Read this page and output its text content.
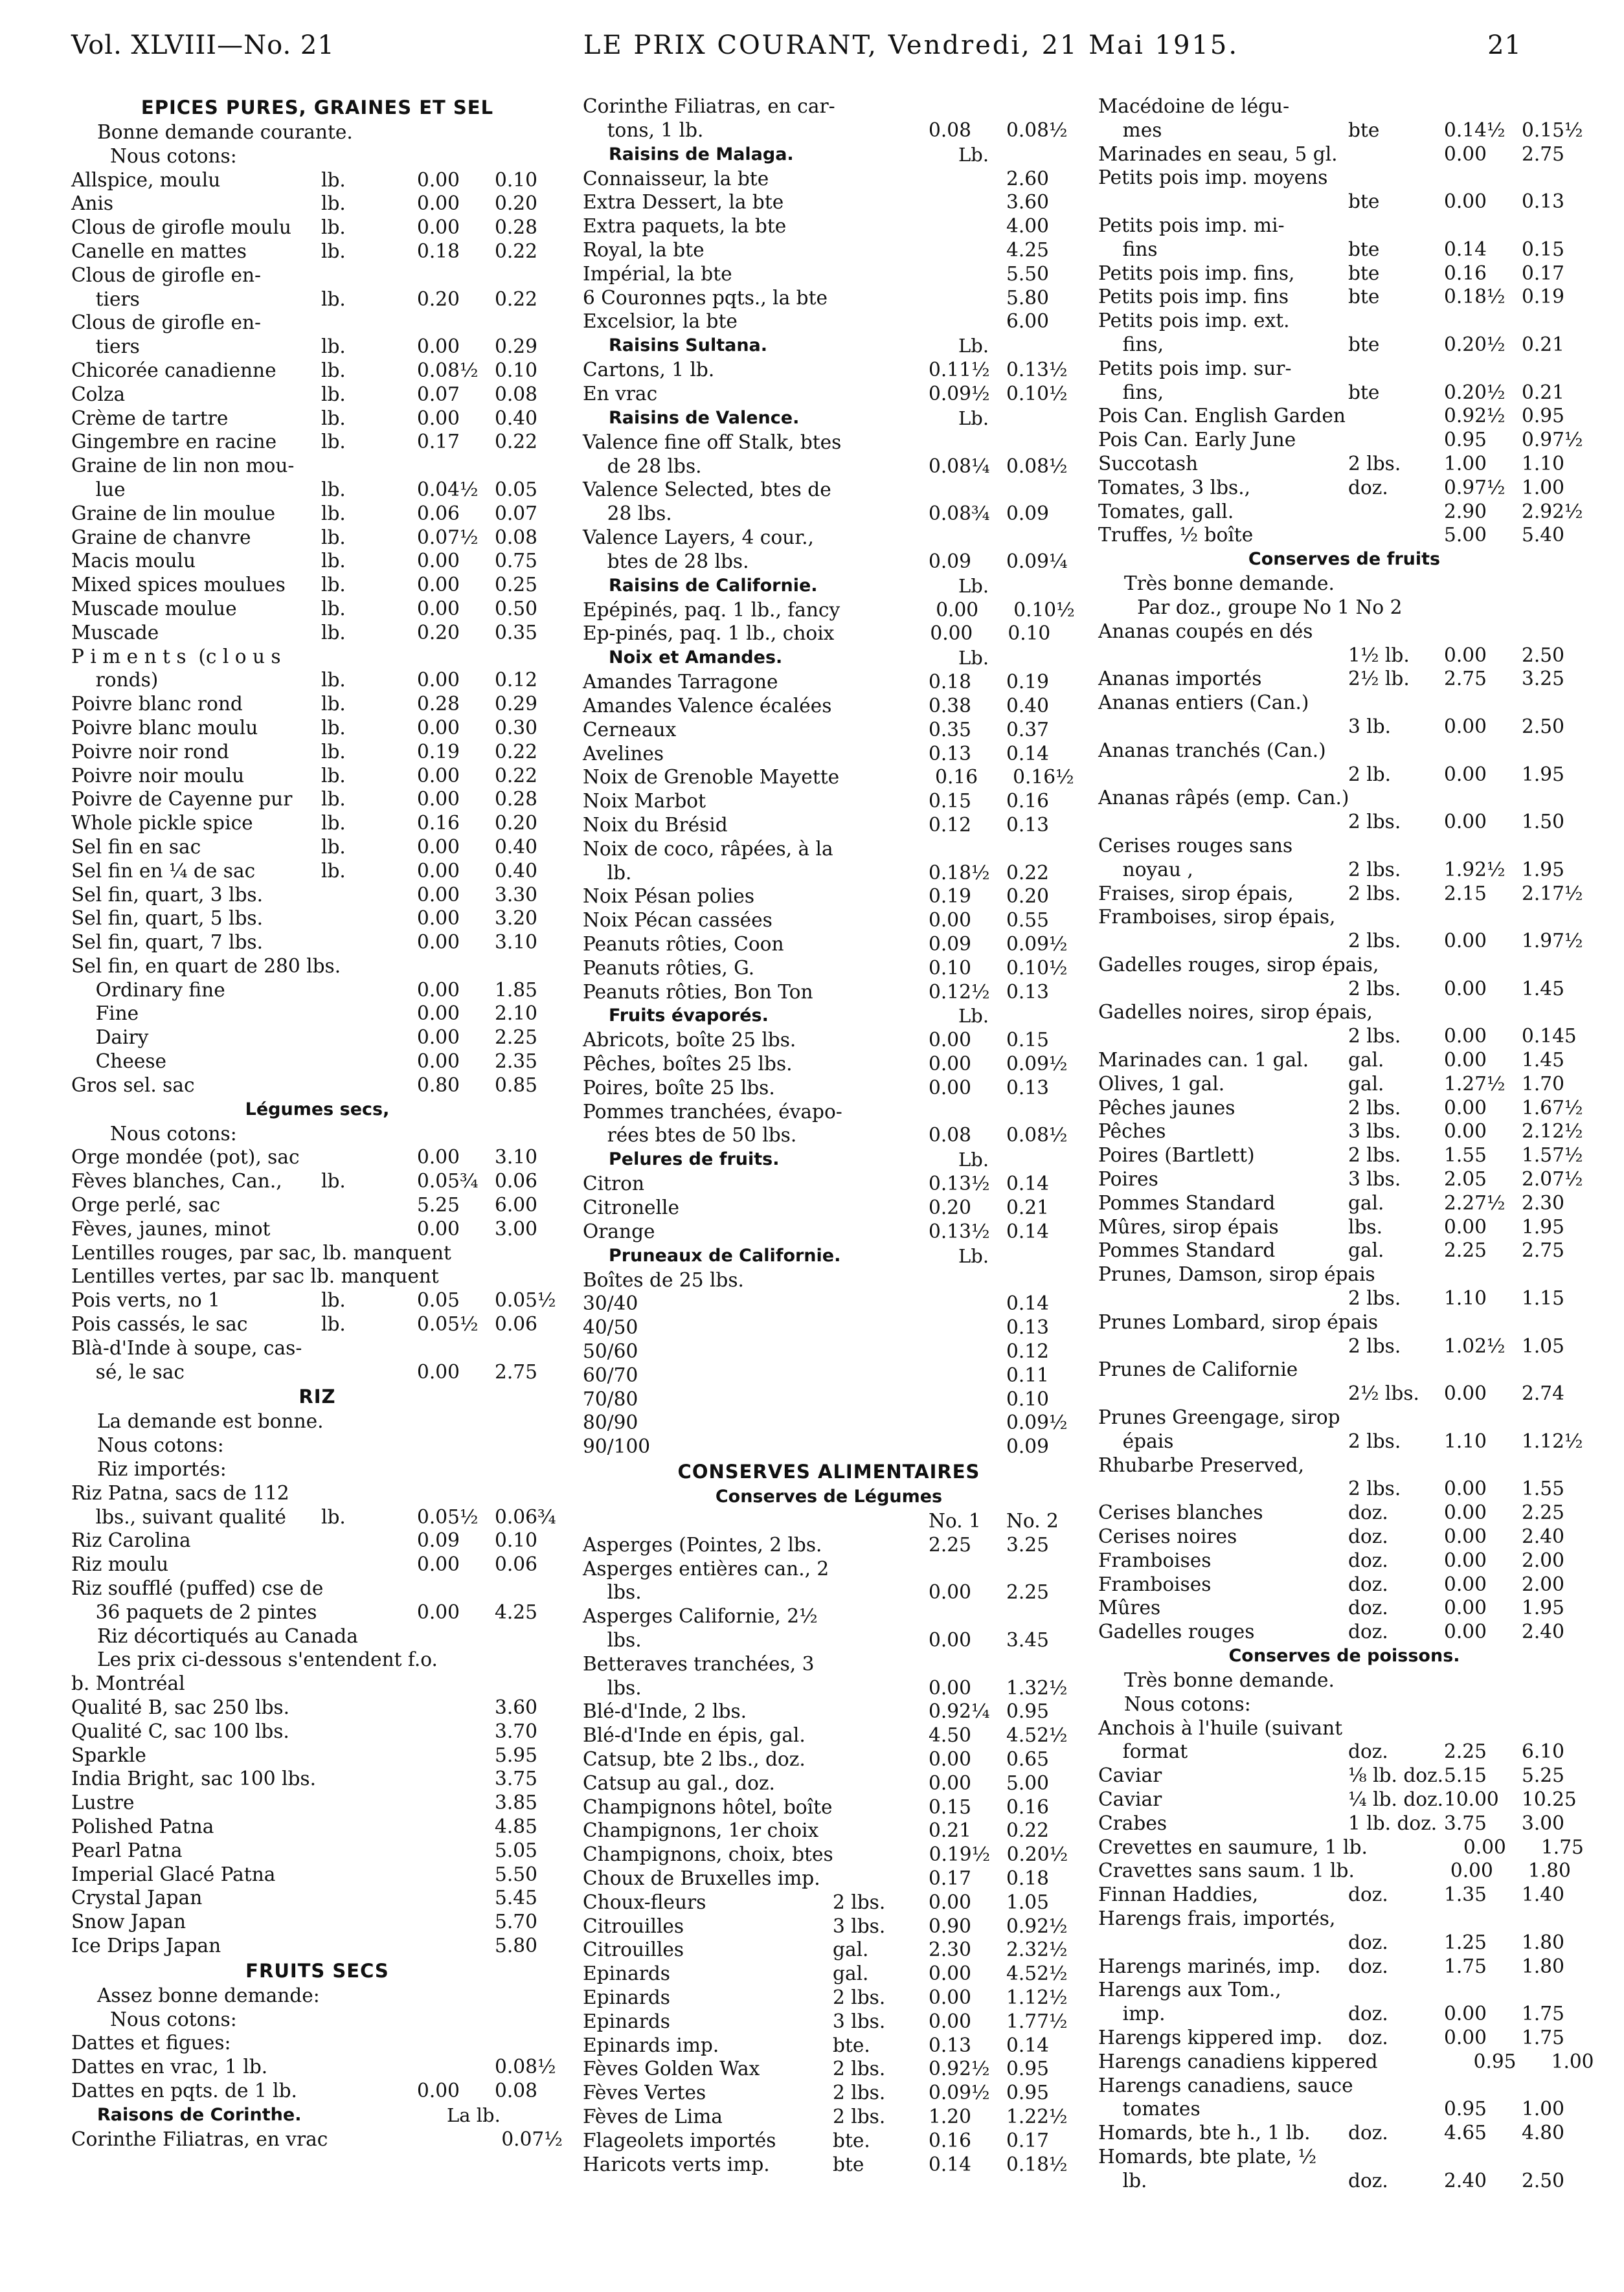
Vol. XLVIII—No. 21	LE PRIX COURANT, Vendredi, 21 Mai 1915.	21
EPICES PURES, GRAINES ET SEL
Bonne demande courante.
Nous cotons:
Allspice, moulu	lb.	0.00	0.10
Anis	lb.	0.00	0.20
Clous de girofle moulu	lb.	0.00	0.28
Canelle en mattes	lb.	0.18	0.22
Clous de girofle en-
tiers	lb.	0.20	0.22
Clous de girofle en-
tiers	lb.	0.00	0.29
Chicorée canadienne	lb.	0.08½ 0.10
Colza	lb.	0.07	0.08
Crème de tartre	lb.	0.00	0.40
Gingembre en racine	lb.	0.17	0.22
Graine de lin non mou-
lue	lb.	0.04½ 0.05
Graine de lin moulue	lb.	0.06	0.07
Graine de chanvre	lb.	0.07½ 0.08
Macis moulu	lb.	0.00	0.75
Mixed spices moulues	lb.	0.00	0.25
Muscade moulue	lb.	0.00	0.50
Muscade	lb.	0.20	0.35
P i m e n t s  (c l o u s
ronds)	lb.	0.00	0.12
Poivre blanc rond	lb.	0.28	0.29
Poivre blanc moulu	lb.	0.00	0.30
Poivre noir rond	lb.	0.19	0.22
Poivre noir moulu	lb.	0.00	0.22
Poivre de Cayenne pur	lb.	0.00	0.28
Whole pickle spice	lb.	0.16	0.20
Sel fin en sac	lb.	0.00	0.40
Sel fin en ¼ de sac	lb.	0.00	0.40
Sel fin, quart, 3 lbs.	0.00	3.30
Sel fin, quart, 5 lbs.	0.00	3.20
Sel fin, quart, 7 lbs.	0.00	3.10
Sel fin, en quart de 280 lbs.
Ordinary fine	0.00	1.85
Fine	0.00	2.10
Dairy	0.00	2.25
Cheese	0.00	2.35
Gros sel. sac	0.80	0.85
Légumes secs,
Nous cotons:
Orge mondée (pot), sac	0.00	3.10
Fèves blanches, Can.,	lb.	0.05¾ 0.06
Orge perlé, sac	5.25	6.00
Fèves, jaunes, minot	0.00	3.00
Lentilles rouges, par sac, lb. manquent
Lentilles vertes, par sac lb. manquent
Pois verts, no 1	lb.	0.05	0.05½
Pois cassés, le sac	lb.	0.05½ 0.06
Blà-d'Inde à soupe, cas-
sé, le sac	0.00	2.75
RIZ
La demande est bonne.
Nous cotons:
Riz importés:
Riz Patna, sacs de 112
lbs., suivant qualité	lb.	0.05½ 0.06¾
Riz Carolina	0.09	0.10
Riz moulu	0.00	0.06
Riz soufflé (puffed) cse de
36 paquets de 2 pintes	0.00	4.25
Riz décortiqués au Canada
Les prix ci-dessous s'entendent f.o.
b. Montréal
Qualité B, sac 250 lbs.	3.60
Qualité C, sac 100 lbs.	3.70
Sparkle	5.95
India Bright, sac 100 lbs.	3.75
Lustre	3.85
Polished Patna	4.85
Pearl Patna	5.05
Imperial Glacé Patna	5.50
Crystal Japan	5.45
Snow Japan	5.70
Ice Drips Japan	5.80
FRUITS SECS
Assez bonne demande:
Nous cotons:
Dattes et figues:
Dattes en vrac, 1 lb.	0.08½
Dattes en pqts. de 1 lb.	0.00	0.08
Raisons de Corinthe.	La lb.
Corinthe Filiatras, en vrac	0.07½
Corinthe Filiatras, en car-
tons, 1 lb.	0.08	0.08½
Raisins de Malaga.	Lb.
Connaisseur, la bte	2.60
Extra Dessert, la bte	3.60
Extra paquets, la bte	4.00
Royal, la bte	4.25
Impérial, la bte	5.50
6 Couronnes pqts., la bte	5.80
Excelsior, la bte	6.00
Raisins Sultana.	Lb.
Cartons, 1 lb.	0.11½ 0.13½
En vrac	0.09½ 0.10½
Raisins de Valence.	Lb.
Valence fine off Stalk, btes
de 28 lbs.	0.08¼ 0.08½
Valence Selected, btes de
28 lbs.	0.08¾ 0.09
Valence Layers, 4 cour.,
btes de 28 lbs.	0.09	0.09¼
Raisins de Californie.	Lb.
Epépinés, paq. 1 lb., fancy	0.00	0.10½
Ep-pinés, paq. 1 lb., choix	0.00	0.10
Noix et Amandes.	Lb.
Amandes Tarragone	0.18	0.19
Amandes Valence écalées	0.38	0.40
Cerneaux	0.35	0.37
Avelines	0.13	0.14
Noix de Grenoble Mayette	0.16	0.16½
Noix Marbot	0.15	0.16
Noix du Brésid	0.12	0.13
Noix de coco, râpées, à la
lb.	0.18½ 0.22
Noix Pésan polies	0.19	0.20
Noix Pécan cassées	0.00	0.55
Peanuts rôties, Coon	0.09	0.09½
Peanuts rôties, G.	0.10	0.10½
Peanuts rôties, Bon Ton	0.12½ 0.13
Fruits évaporés.	Lb.
Abricots, boîte 25 lbs.	0.00	0.15
Pêches, boîtes 25 lbs.	0.00	0.09½
Poires, boîte 25 lbs.	0.00	0.13
Pommes tranchées, évapo-
rées btes de 50 lbs.	0.08	0.08½
Pelures de fruits.	Lb.
Citron	0.13½ 0.14
Citronelle	0.20	0.21
Orange	0.13½ 0.14
Pruneaux de Californie.	Lb.
Boîtes de 25 lbs.
30/40	0.14
40/50	0.13
50/60	0.12
60/70	0.11
70/80	0.10
80/90	0.09½
90/100	0.09
CONSERVES ALIMENTAIRES
Conserves de Légumes
No. 1	No. 2
Asperges (Pointes, 2 lbs.	2.25	3.25
Asperges entières can., 2
lbs.	0.00	2.25
Asperges Californie, 2½
lbs.	0.00	3.45
Betteraves tranchées, 3
lbs.	0.00	1.32½
Blé-d'Inde, 2 lbs.	0.92¼ 0.95
Blé-d'Inde en épis, gal.	4.50	4.52½
Catsup, bte 2 lbs., doz.	0.00	0.65
Catsup au gal., doz.	0.00	5.00
Champignons hôtel, boîte	0.15	0.16
Champignons, 1er choix	0.21	0.22
Champignons, choix, btes	0.19½ 0.20½
Choux de Bruxelles imp.	0.17	0.18
Choux-fleurs	2 lbs.	0.00	1.05
Citrouilles	3 lbs.	0.90	0.92½
Citrouilles	gal.	2.30	2.32½
Epinards	gal.	0.00	4.52½
Epinards	2 lbs.	0.00	1.12½
Epinards	3 lbs.	0.00	1.77½
Epinards imp.	bte.	0.13	0.14
Fèves Golden Wax	2 lbs.	0.92½ 0.95
Fèves Vertes	2 lbs.	0.09½ 0.95
Fèves de Lima	2 lbs.	1.20	1.22½
Flageolets importés	bte.	0.16	0.17
Haricots verts imp.	bte	0.14	0.18½
Macédoine de légu-
mes	bte	0.14½ 0.15½
Marinades en seau, 5 gl.	0.00	2.75
Petits pois imp. moyens
bte	0.00	0.13
Petits pois imp. mi-
fins	bte	0.14	0.15
Petits pois imp. fins,	bte	0.16	0.17
Petits pois imp. fins	bte	0.18½ 0.19
Petits pois imp. ext.
fins,	bte	0.20½ 0.21
Petits pois imp. sur-
fins,	bte	0.20½ 0.21
Pois Can. English Garden	0.92½ 0.95
Pois Can. Early June	0.95	0.97½
Succotash	2 lbs.	1.00	1.10
Tomates, 3 lbs.,	doz.	0.97½ 1.00
Tomates, gall.	2.90	2.92½
Truffes, ½ boîte	5.00	5.40
Conserves de fruits
Très bonne demande.
Par doz., groupe No 1 No 2
Ananas coupés en dés
1½ lb.	0.00	2.50
Ananas importés	2½ lb.	2.75	3.25
Ananas entiers (Can.)
3 lb.	0.00	2.50
Ananas tranchés (Can.)
2 lb.	0.00	1.95
Ananas râpés (emp. Can.)
2 lbs.	0.00	1.50
Cerises rouges sans
noyau ,	2 lbs.	1.92½ 1.95
Fraises, sirop épais,	2 lbs.	2.15	2.17½
Framboises, sirop épais,
2 lbs.	0.00	1.97½
Gadelles rouges, sirop épais,
2 lbs.	0.00	1.45
Gadelles noires, sirop épais,
2 lbs.	0.00	0.145
Marinades can. 1 gal.	gal.	0.00	1.45
Olives, 1 gal.	gal.	1.27½ 1.70
Pêches jaunes	2 lbs.	0.00	1.67½
Pêches	3 lbs.	0.00	2.12½
Poires (Bartlett)	2 lbs.	1.55	1.57½
Poires	3 lbs.	2.05	2.07½
Pommes Standard	gal.	2.27½ 2.30
Mûres, sirop épais	lbs.	0.00	1.95
Pommes Standard	gal.	2.25	2.75
Prunes, Damson, sirop épais
2 lbs.	1.10	1.15
Prunes Lombard, sirop épais
2 lbs.	1.02½ 1.05
Prunes de Californie
2½ lbs.	0.00	2.74
Prunes Greengage, sirop
épais	2 lbs.	1.10	1.12½
Rhubarbe Preserved,
2 lbs.	0.00	1.55
Cerises blanches	doz.	0.00	2.25
Cerises noires	doz.	0.00	2.40
Framboises	doz.	0.00	2.00
Framboises	doz.	0.00	2.00
Mûres	doz.	0.00	1.95
Gadelles rouges	doz.	0.00	2.40
Conserves de poissons.
Très bonne demande.
Nous cotons:
Anchois à l'huile (suivant
format	doz.	2.25	6.10
Caviar	⅛ lb. doz. 5.15	5.25
Caviar	¼ lb. doz. 10.00	10.25
Crabes	1 lb. doz. 3.75	3.00
Crevettes en saumure, 1 lb.	0.00	1.75
Cravettes sans saum. 1 lb.	0.00	1.80
Finnan Haddies,	doz.	1.35	1.40
Harengs frais, importés,
doz.	1.25	1.80
Harengs marinés, imp.	doz.	1.75	1.80
Harengs aux Tom.,
imp.	doz.	0.00	1.75
Harengs kippered imp.	doz.	0.00	1.75
Harengs canadiens kippered	0.95	1.00
Harengs canadiens, sauce
tomates	0.95	1.00
Homards, bte h., 1 lb.	doz.	4.65	4.80
Homards, bte plate, ½
lb.	doz.	2.40	2.50
